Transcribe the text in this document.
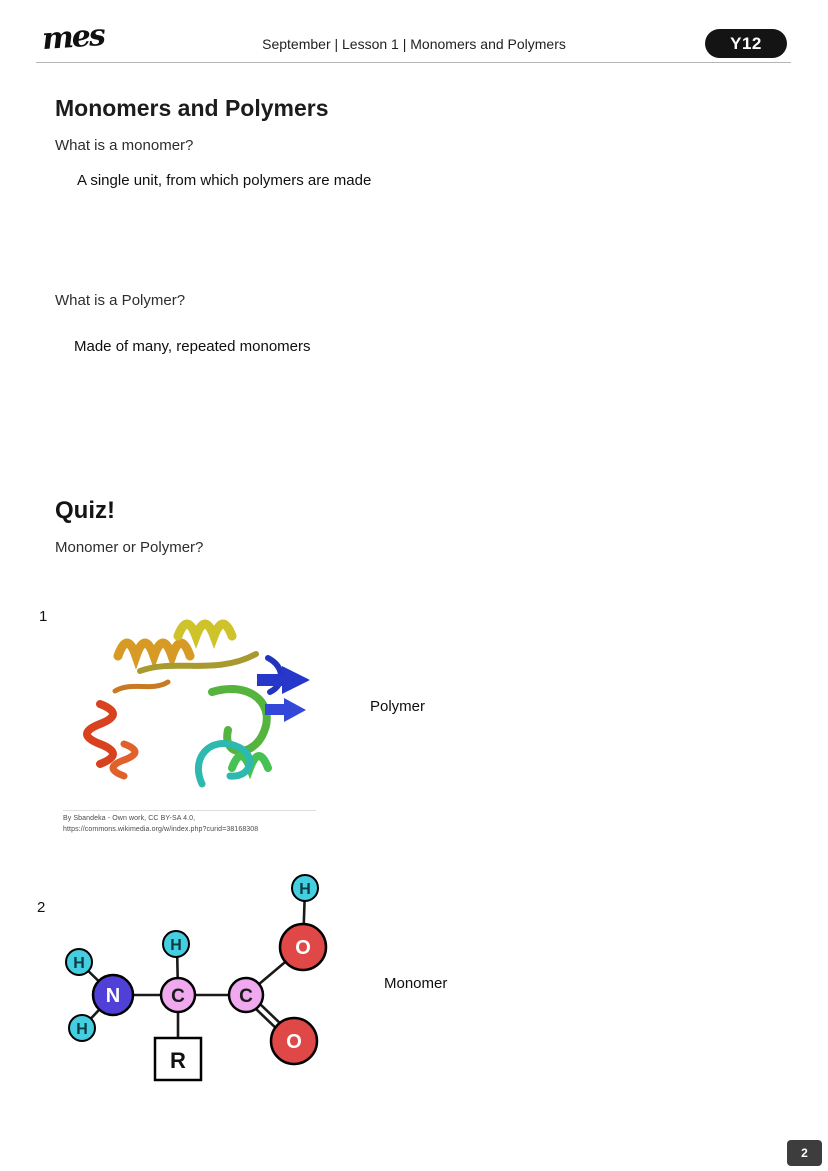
mes	September | Lesson 1 | Monomers and Polymers	Y12
Monomers and Polymers

What is a monomer?

A single unit, from which polymers are made

What is a Polymer?

Made of many, repeated monomers

Quiz!

Monomer or Polymer?

1
By Sbandeka - Own work, CC BY-SA 4.0,
https://commons.wikimedia.org/w/index.php?curid=38168308
Polymer
2
R
H
H
N
H
C	C
H
O
O
Monomer
2
